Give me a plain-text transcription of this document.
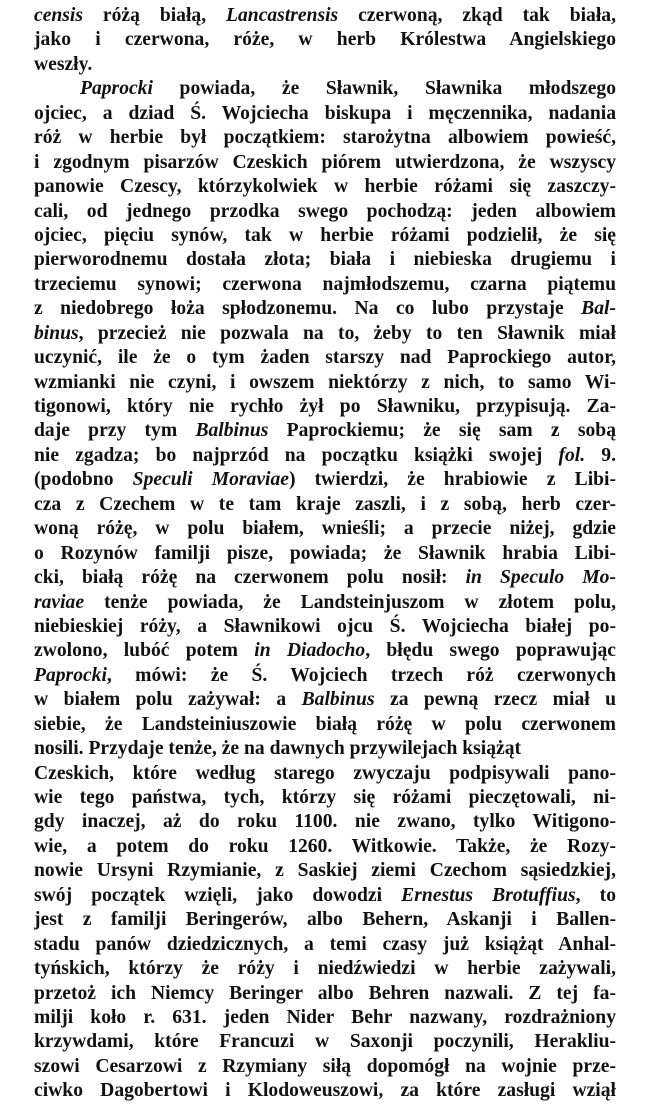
censis różą białą, Lancastrensis czerwoną, zkąd tak biała,
jako i czerwona, róże, w herb Królestwa Angielskiego
weszły.
Paprocki powiada, że Sławnik, Sławnika młodszego
ojciec, a dziad Ś. Wojciecha biskupa i męczennika, nadania
róż w herbie był początkiem: starożytna albowiem powieść,
i zgodnym pisarzów Czeskich piórem utwierdzona, że wszyscy
panowie Czescy, którzykolwiek w herbie różami się zaszczy-
cali, od jednego przodka swego pochodzą: jeden albowiem
ojciec, pięciu synów, tak w herbie różami podzielił, że się
pierworodnemu dostała złota; biała i niebieska drugiemu i
trzeciemu synowi; czerwona najmłodszemu, czarna piątemu
z niedobrego łoża spłodzonemu. Na co lubo przystaje Bal-
binus, przecież nie pozwala na to, żeby to ten Sławnik miał
uczynić, ile że o tym żaden starszy nad Paprockiego autor,
wzmianki nie czyni, i owszem niektórzy z nich, to samo Wi-
tigonowi, który nie rychło żył po Sławniku, przypisują. Za-
daje przy tym Balbinus Paprockiemu; że się sam z sobą
nie zgadza; bo najprzód na początku książki swojej fol. 9.
(podobno Speculi Moraviae) twierdzi, że hrabiowie z Libi-
cza z Czechem w te tam kraje zaszli, i z sobą, herb czer-
woną różę, w polu białem, wnieśli; a przecie niżej, gdzie
o Rozynów familji pisze, powiada; że Sławnik hrabia Libi-
cki, białą różę na czerwonem polu nosił: in Speculo Mo-
raviae tenże powiada, że Landsteinjuszom w złotem polu,
niebieskiej róży, a Sławnikowi ojcu Ś. Wojciecha białej po-
zwolono, lubóć potem in Diadocho, błędu swego poprawując
Paprocki, mówi: że Ś. Wojciech trzech róż czerwonych
w białem polu zażywał: a Balbinus za pewną rzecz miał u
siebie, że Landsteiniuszowie białą różę w polu czerwonem
nosili. Przydaje tenże, że na dawnych przywilejach książąt
Czeskich, które według starego zwyczaju podpisywali pano-
wie tego państwa, tych, którzy się różami pieczętowali, ni-
gdy inaczej, aż do roku 1100. nie zwano, tylko Witigono-
wie, a potem do roku 1260. Witkowie. Także, że Rozy-
nowie Ursyni Rzymianie, z Saskiej ziemi Czechom sąsiedzkiej,
swój początek wzięli, jako dowodzi Ernestus Brotuffius, to
jest z familji Beringerów, albo Behern, Askanji i Ballen-
stadu panów dziedzicznych, a temi czasy już książąt Anhal-
tyńskich, którzy że róży i niedźwiedzi w herbie zażywali,
przetoż ich Niemcy Beringer albo Behren nazwali. Z tej fa-
milji koło r. 631. jeden Nider Behr nazwany, rozdrażniony
krzywdami, które Francuzi w Saxonji poczynili, Herakliu-
szowi Cesarzowi z Rzymiany siłą dopomógł na wojnie prze-
ciwko Dagobertowi i Klodoweuszowi, za które zasługi wziął
